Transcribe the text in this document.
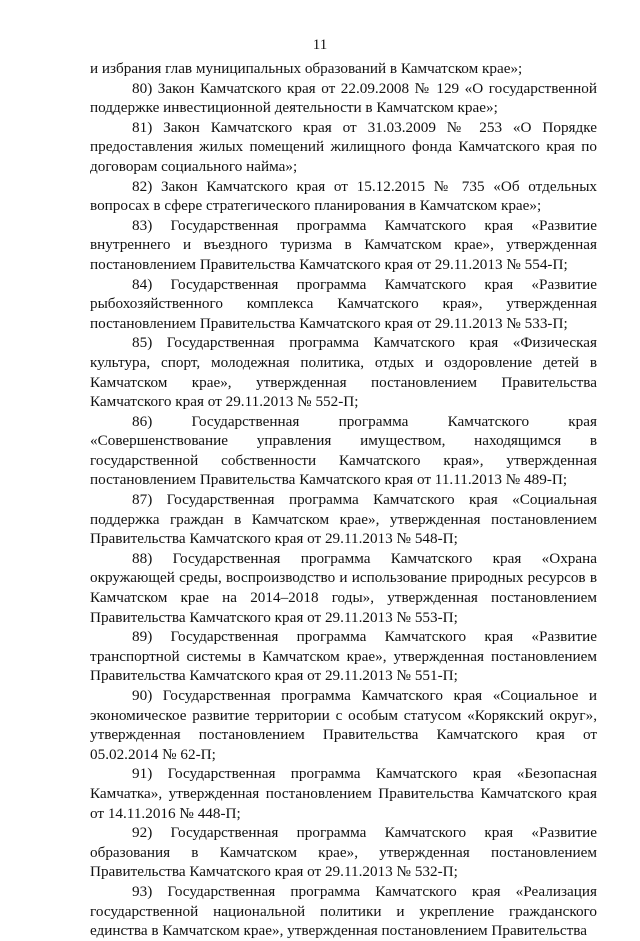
11

и избрания глав муниципальных образований в Камчатском крае»;

80) Закон Камчатского края от 22.09.2008 № 129 «О государственной поддержке инвестиционной деятельности в Камчатском крае»;

81) Закон Камчатского края от 31.03.2009 № 253 «О Порядке предоставления жилых помещений жилищного фонда Камчатского края по договорам социального найма»;

82) Закон Камчатского края от 15.12.2015 № 735 «Об отдельных вопросах в сфере стратегического планирования в Камчатском крае»;

83) Государственная программа Камчатского края «Развитие внутреннего и въездного туризма в Камчатском крае», утвержденная постановлением Правительства Камчатского края от 29.11.2013 № 554-П;

84) Государственная программа Камчатского края «Развитие рыбохозяйственного комплекса Камчатского края», утвержденная постановлением Правительства Камчатского края от 29.11.2013 № 533-П;

85) Государственная программа Камчатского края «Физическая культура, спорт, молодежная политика, отдых и оздоровление детей в Камчатском крае», утвержденная постановлением Правительства Камчатского края от 29.11.2013 № 552-П;

86) Государственная программа Камчатского края «Совершенствование управления имуществом, находящимся в государственной собственности Камчатского края», утвержденная постановлением Правительства Камчатского края от 11.11.2013 № 489-П;

87) Государственная программа Камчатского края «Социальная поддержка граждан в Камчатском крае», утвержденная постановлением Правительства Камчатского края от 29.11.2013 № 548-П;

88) Государственная программа Камчатского края «Охрана окружающей среды, воспроизводство и использование природных ресурсов в Камчатском крае на 2014–2018 годы», утвержденная постановлением Правительства Камчатского края от 29.11.2013 № 553-П;

89) Государственная программа Камчатского края «Развитие транспортной системы в Камчатском крае», утвержденная постановлением Правительства Камчатского края от 29.11.2013 № 551-П;

90) Государственная программа Камчатского края «Социальное и экономическое развитие территории с особым статусом «Корякский округ», утвержденная постановлением Правительства Камчатского края от 05.02.2014 № 62-П;

91) Государственная программа Камчатского края «Безопасная Камчатка», утвержденная постановлением Правительства Камчатского края от 14.11.2016 № 448-П;

92) Государственная программа Камчатского края «Развитие образования в Камчатском крае», утвержденная постановлением Правительства Камчатского края от 29.11.2013 № 532-П;

93) Государственная программа Камчатского края «Реализация государственной национальной политики и укрепление гражданского единства в Камчатском крае», утвержденная постановлением Правительства
